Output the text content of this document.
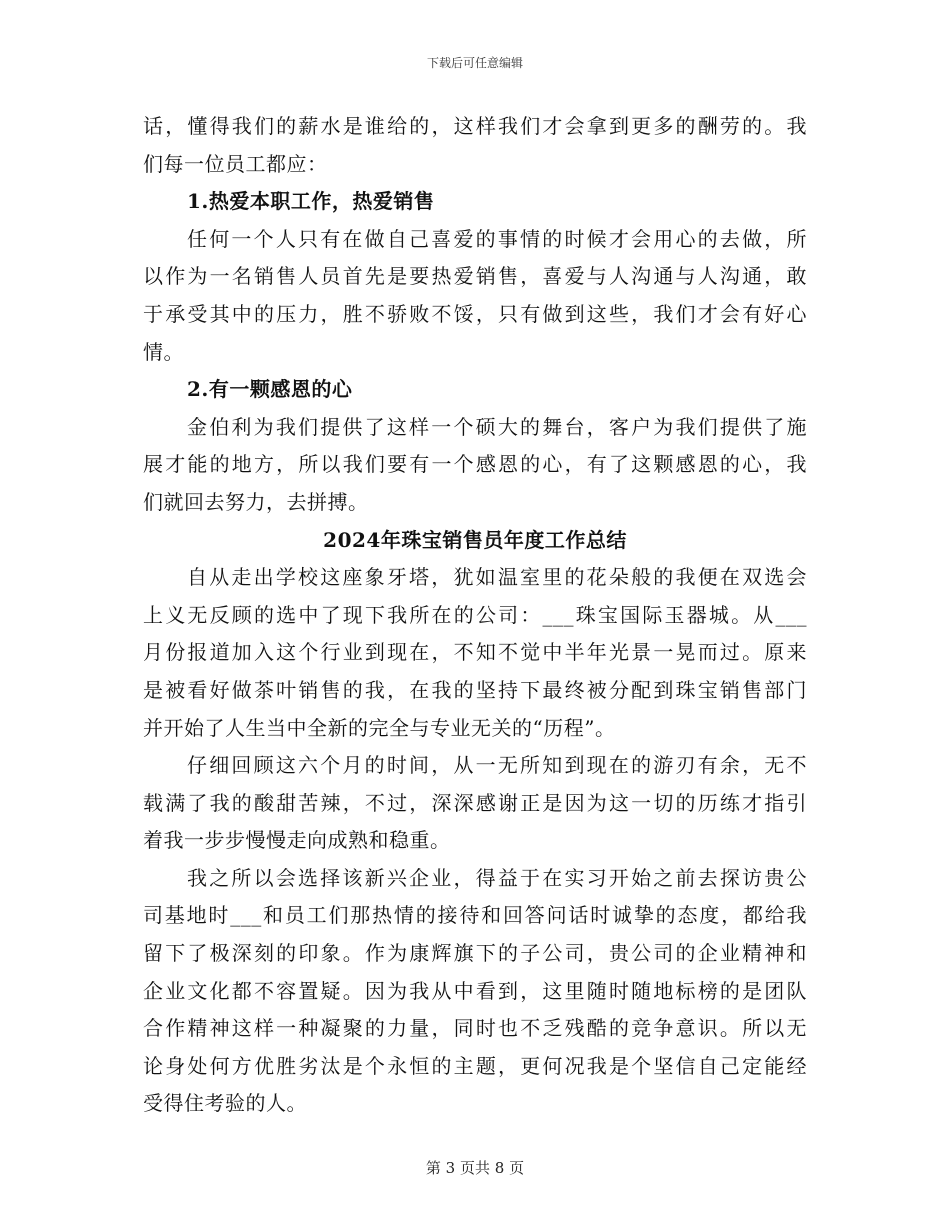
下载后可任意编辑
话，懂得我们的薪水是谁给的，这样我们才会拿到更多的酬劳的。我
们每一位员工都应：
1.热爱本职工作，热爱销售
任何一个人只有在做自己喜爱的事情的时候才会用心的去做，所
以作为一名销售人员首先是要热爱销售，喜爱与人沟通与人沟通，敢
于承受其中的压力，胜不骄败不馁，只有做到这些，我们才会有好心
情。
2.有一颗感恩的心
金伯利为我们提供了这样一个硕大的舞台，客户为我们提供了施
展才能的地方，所以我们要有一个感恩的心，有了这颗感恩的心，我
们就回去努力，去拼搏。
2024年珠宝销售员年度工作总结
自从走出学校这座象牙塔，犹如温室里的花朵般的我便在双选会
上义无反顾的选中了现下我所在的公司：___珠宝国际玉器城。从___
月份报道加入这个行业到现在，不知不觉中半年光景一晃而过。原来
是被看好做茶叶销售的我，在我的坚持下最终被分配到珠宝销售部门
并开始了人生当中全新的完全与专业无关的“历程”。
仔细回顾这六个月的时间，从一无所知到现在的游刃有余，无不
载满了我的酸甜苦辣，不过，深深感谢正是因为这一切的历练才指引
着我一步步慢慢走向成熟和稳重。
我之所以会选择该新兴企业，得益于在实习开始之前去探访贵公
司基地时___和员工们那热情的接待和回答问话时诚挚的态度，都给我
留下了极深刻的印象。作为康辉旗下的子公司，贵公司的企业精神和
企业文化都不容置疑。因为我从中看到，这里随时随地标榜的是团队
合作精神这样一种凝聚的力量，同时也不乏残酷的竞争意识。所以无
论身处何方优胜劣汰是个永恒的主题，更何况我是个坚信自己定能经
受得住考验的人。
第 3 页共 8 页
